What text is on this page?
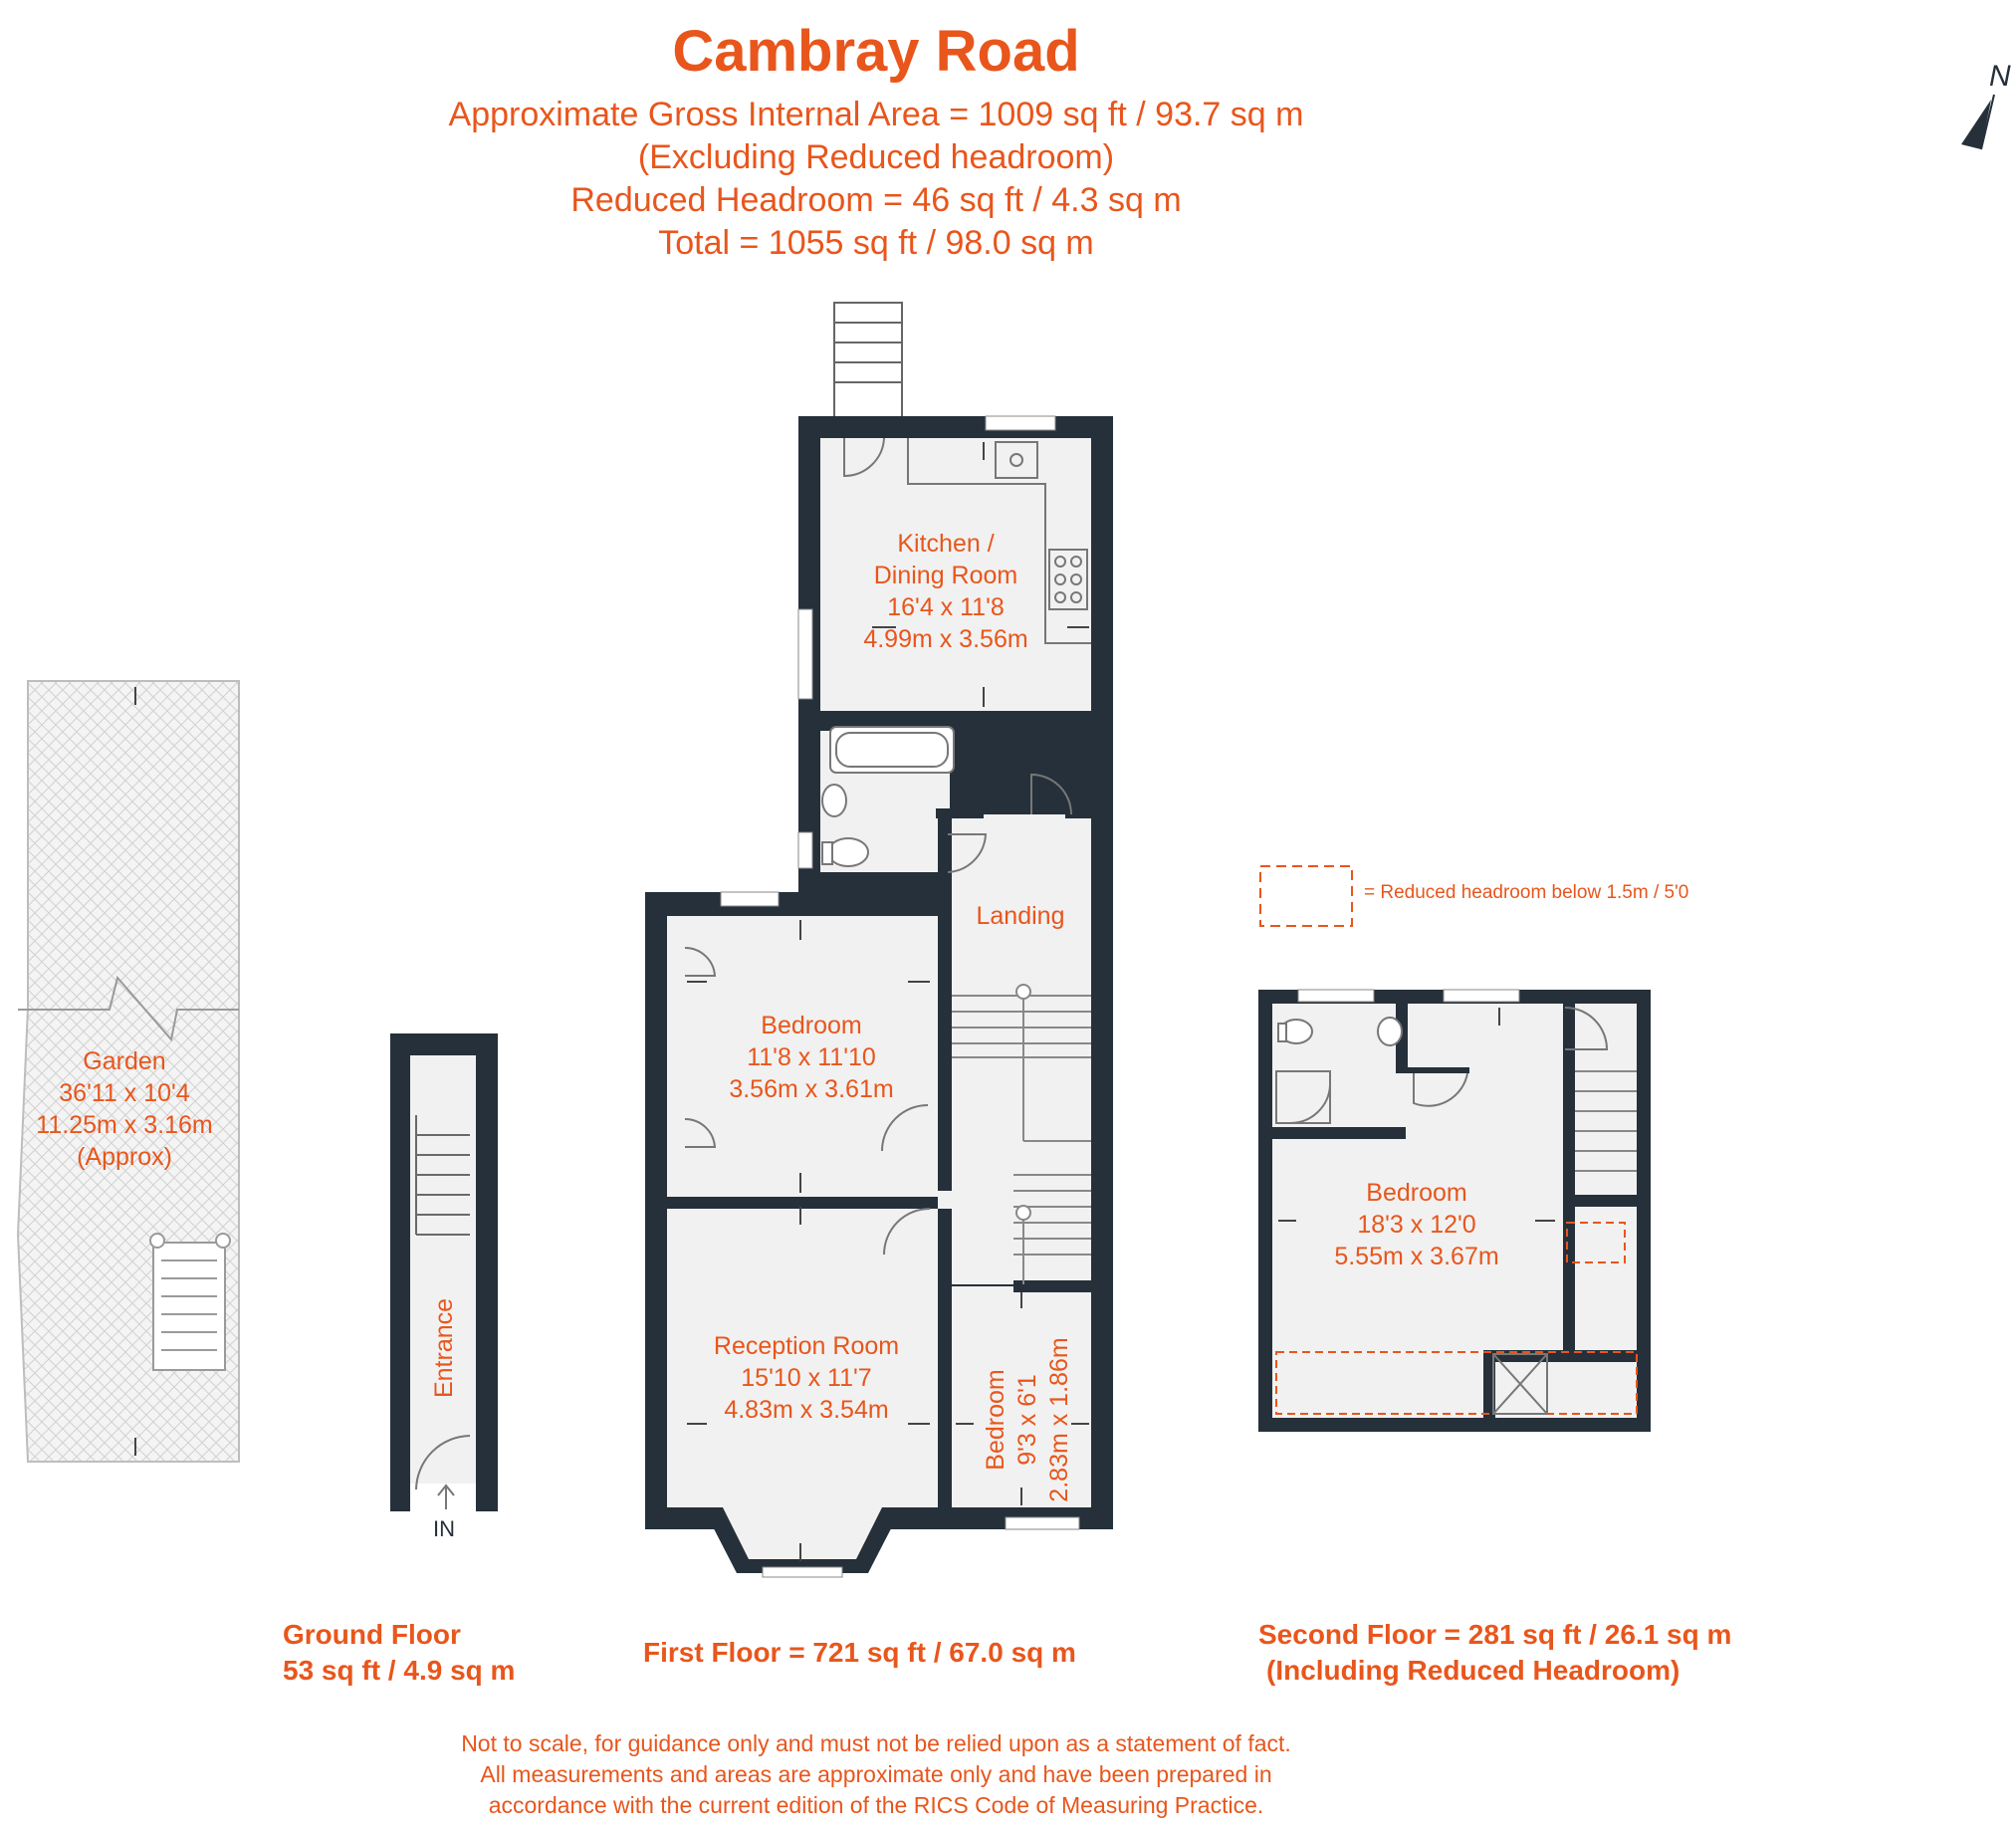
Cambray Road
Approximate Gross Internal Area = 1009 sq ft / 93.7 sq m
(Excluding Reduced headroom)
Reduced Headroom = 46 sq ft / 4.3 sq m
Total = 1055 sq ft / 98.0 sq m
N
= Reduced headroom below 1.5m / 5'0
Kitchen /
Dining Room
16'4 x 11'8
4.99m x 3.56m
Landing
Bedroom
11'8 x 11'10
3.56m x 3.61m
Reception Room
15'10 x 11'7
4.83m x 3.54m	Bedroom 9'3 x 6'1 2.83m x 1.86m
Entrance
IN
Garden
36'11 x 10'4
11.25m x 3.16m
(Approx)
Bedroom
18'3 x 12'0
5.55m x 3.67m
Ground Floor
53 sq ft / 4.9 sq m
First Floor = 721 sq ft / 67.0 sq m
Second Floor = 281 sq ft / 26.1 sq m
(Including Reduced Headroom)
Not to scale, for guidance only and must not be relied upon as a statement of fact.
All measurements and areas are approximate only and have been prepared in
accordance with the current edition of the RICS Code of Measuring Practice.
